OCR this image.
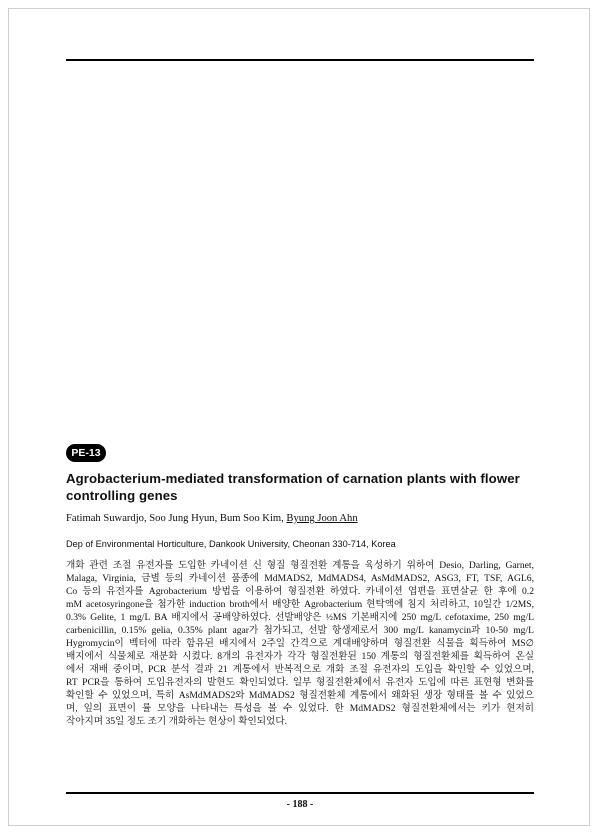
PE-13
Agrobacterium-mediated transformation of carnation plants with flower controlling genes
Fatimah Suwardjo, Soo Jung Hyun, Bum Soo Kim, Byung Joon Ahn
Dep of Environmental Horticulture, Dankook University, Cheonan 330-714, Korea

개화 관련 조절 유전자를 도입한 카네이션 신 형질 형질전환 계통을 육성하기 위하여 Desio, Darling, Garnet,
Malaga, Virginia, 금별 등의 카네이션 품종에 MdMADS2, MdMADS4, AsMdMADS2, ASG3, FT, TSF, AGL6,
Co 등의 유전자를 Agrobacterium 방법을 이용하여 형질전환 하였다. 카네이션 엽편을 표면살균 한 후에 0.2
mM acetosyringone을 첨가한 induction broth에서 배양한 Agrobacterium 현탁액에 침지 처리하고, 10일간 1/2MS,
0.3% Gelite, 1 mg/L BA 배지에서 공배양하였다. 선발배양은 ½MS 기본배지에 250 mg/L cefotaxime, 250 mg/L
carbenicillin, 0.15% gelia, 0.35% plant agar가 첨가되고, 선발 항생제로서 300 mg/L kanamycin과 10-50 mg/L
Hygromycin이 벡터에 따라 함유된 배지에서 2주일 간격으로 계대배양하며 형질전환 식물을 획득하여 MS∅
배지에서 식물체로 재분화 시켰다. 8개의 유전자가 각각 형질전환된 150 계통의 형질전환체를 획득하여 온실
에서 재배 중이며, PCR 분석 결과 21 계통에서 반복적으로 개화 조절 유전자의 도입을 확인할 수 있었으며,
RT PCR을 통하여 도입유전자의 발현도 확인되었다. 일부 형질전환체에서 유전자 도입에 따른 표현형 변화를
확인할 수 있었으며, 특히 AsMdMADS2와 MdMADS2 형질전환체 계통에서 왜화된 생장 형태를 볼 수 있었으
며, 잎의 표면이 률 모양을 나타내는 특성을 볼 수 있었다. 한 MdMADS2 형질전환체에서는 키가 현저히
작아지며 35일 정도 조기 개화하는 현상이 확인되었다.

- 188 -
